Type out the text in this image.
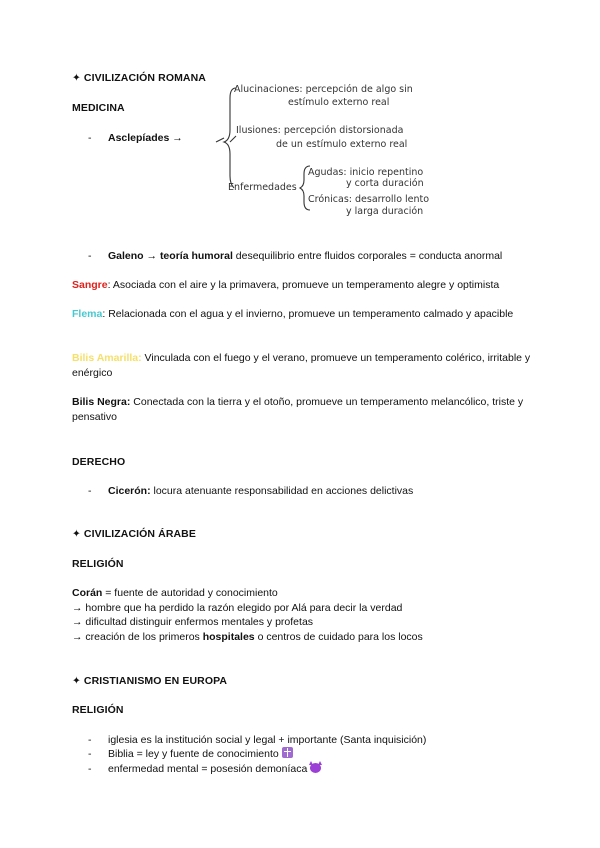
✦ CIVILIZACIÓN ROMANA
MEDICINA
- Asclepíades →
Alucinaciones: percepción de algo sin
estímulo externo real
Ilusiones: percepción distorsionada
de un estímulo externo real
Enfermedades
Agudas: inicio repentino
y corta duración
Crónicas: desarrollo lento
y larga duración
- Galeno → teoría humoral desequilibrio entre fluidos corporales = conducta anormal
Sangre: Asociada con el aire y la primavera, promueve un temperamento alegre y optimista
Flema: Relacionada con el agua y el invierno, promueve un temperamento calmado y apacible
Bilis Amarilla: Vinculada con el fuego y el verano, promueve un temperamento colérico, irritable y enérgico
Bilis Negra: Conectada con la tierra y el otoño, promueve un temperamento melancólico, triste y pensativo
DERECHO
- Cicerón: locura atenuante responsabilidad en acciones delictivas
✦ CIVILIZACIÓN ÁRABE
RELIGIÓN
Corán = fuente de autoridad y conocimiento
→ hombre que ha perdido la razón elegido por Alá para decir la verdad
→ dificultad distinguir enfermos mentales y profetas
→ creación de los primeros hospitales o centros de cuidado para los locos
✦ CRISTIANISMO EN EUROPA
RELIGIÓN
- iglesia es la institución social y legal + importante (Santa inquisición)
- Biblia = ley y fuente de conocimiento
- enfermedad mental = posesión demoníaca
